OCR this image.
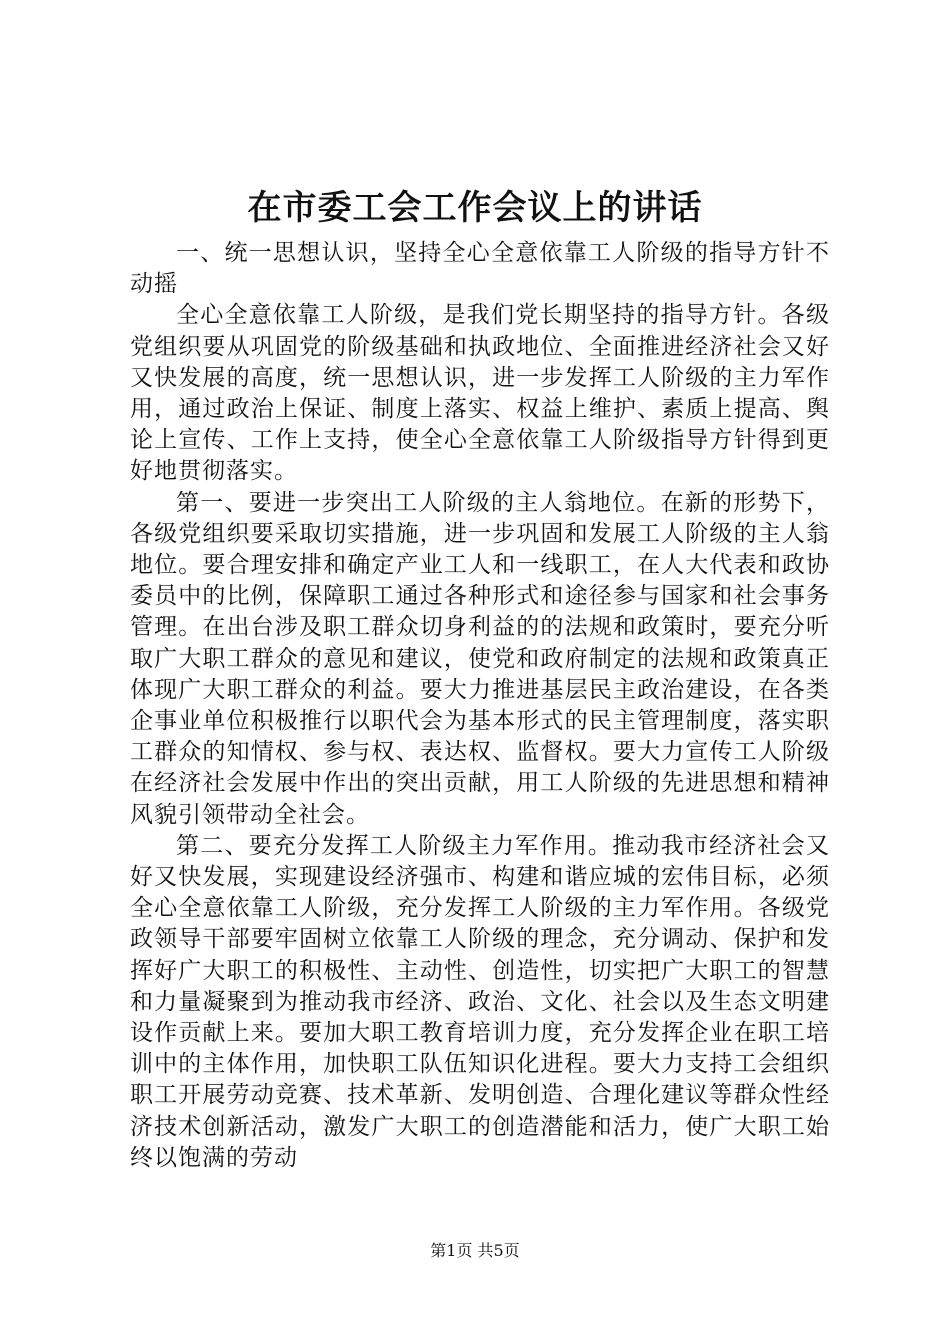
在市委工会工作会议上的讲话

一、统一思想认识，坚持全心全意依靠工人阶级的指导方针不动摇

全心全意依靠工人阶级，是我们党长期坚持的指导方针。各级党组织要从巩固党的阶级基础和执政地位、全面推进经济社会又好又快发展的高度，统一思想认识，进一步发挥工人阶级的主力军作用，通过政治上保证、制度上落实、权益上维护、素质上提高、舆论上宣传、工作上支持，使全心全意依靠工人阶级指导方针得到更好地贯彻落实。

第一、要进一步突出工人阶级的主人翁地位。在新的形势下，各级党组织要采取切实措施，进一步巩固和发展工人阶级的主人翁地位。要合理安排和确定产业工人和一线职工，在人大代表和政协委员中的比例，保障职工通过各种形式和途径参与国家和社会事务管理。在出台涉及职工群众切身利益的的法规和政策时，要充分听取广大职工群众的意见和建议，使党和政府制定的法规和政策真正体现广大职工群众的利益。要大力推进基层民主政治建设，在各类企事业单位积极推行以职代会为基本形式的民主管理制度，落实职工群众的知情权、参与权、表达权、监督权。要大力宣传工人阶级在经济社会发展中作出的突出贡献，用工人阶级的先进思想和精神风貌引领带动全社会。

第二、要充分发挥工人阶级主力军作用。推动我市经济社会又好又快发展，实现建设经济强市、构建和谐应城的宏伟目标，必须全心全意依靠工人阶级，充分发挥工人阶级的主力军作用。各级党政领导干部要牢固树立依靠工人阶级的理念，充分调动、保护和发挥好广大职工的积极性、主动性、创造性，切实把广大职工的智慧和力量凝聚到为推动我市经济、政治、文化、社会以及生态文明建设作贡献上来。要加大职工教育培训力度，充分发挥企业在职工培训中的主体作用，加快职工队伍知识化进程。要大力支持工会组织职工开展劳动竞赛、技术革新、发明创造、合理化建议等群众性经济技术创新活动，激发广大职工的创造潜能和活力，使广大职工始终以饱满的劳动

第1页 共5页
